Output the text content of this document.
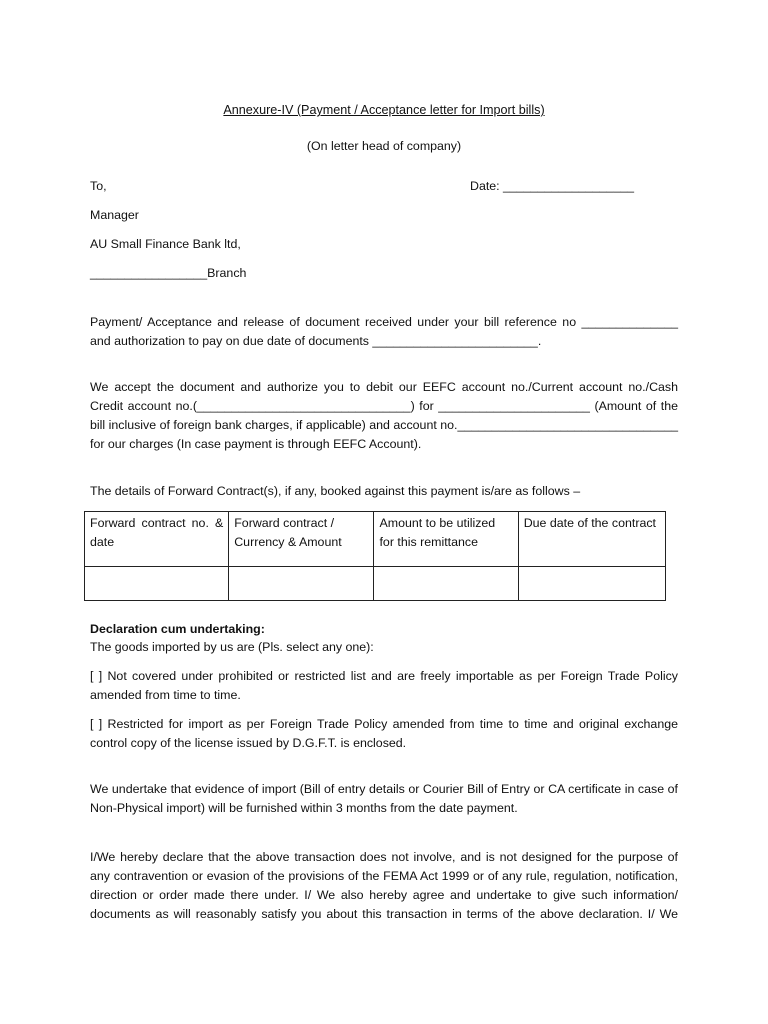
Annexure-IV (Payment / Acceptance letter for Import bills)
(On letter head of company)
To,	Date: ___________________
Manager
AU Small Finance Bank ltd,
_________________Branch
Payment/ Acceptance and release of document received under your bill reference no ______________ and authorization to pay on due date of documents ________________________.
We accept the document and authorize you to debit our EEFC account no./Current account no./Cash Credit account no.(_______________________________) for ______________________ (Amount of the bill inclusive of foreign bank charges, if applicable) and account no.________________________________ for our charges (In case payment is through EEFC Account).
The details of Forward Contract(s), if any, booked against this payment is/are as follows –
Forward contract no. & date	Forward contract / Currency & Amount	Amount to be utilized for this remittance	Due date of the contract

Declaration cum undertaking:
The goods imported by us are (Pls. select any one):
[ ] Not covered under prohibited or restricted list and are freely importable as per Foreign Trade Policy amended from time to time.
[ ] Restricted for import as per Foreign Trade Policy amended from time to time and original exchange control copy of the license issued by D.G.F.T. is enclosed.
We undertake that evidence of import (Bill of entry details or Courier Bill of Entry or CA certificate in case of Non-Physical import) will be furnished within 3 months from the date payment.
I/We hereby declare that the above transaction does not involve, and is not designed for the purpose of any contravention or evasion of the provisions of the FEMA Act 1999 or of any rule, regulation, notification, direction or order made there under. I/ We also hereby agree and undertake to give such information/ documents as will reasonably satisfy you about this transaction in terms of the above declaration. I/ We
